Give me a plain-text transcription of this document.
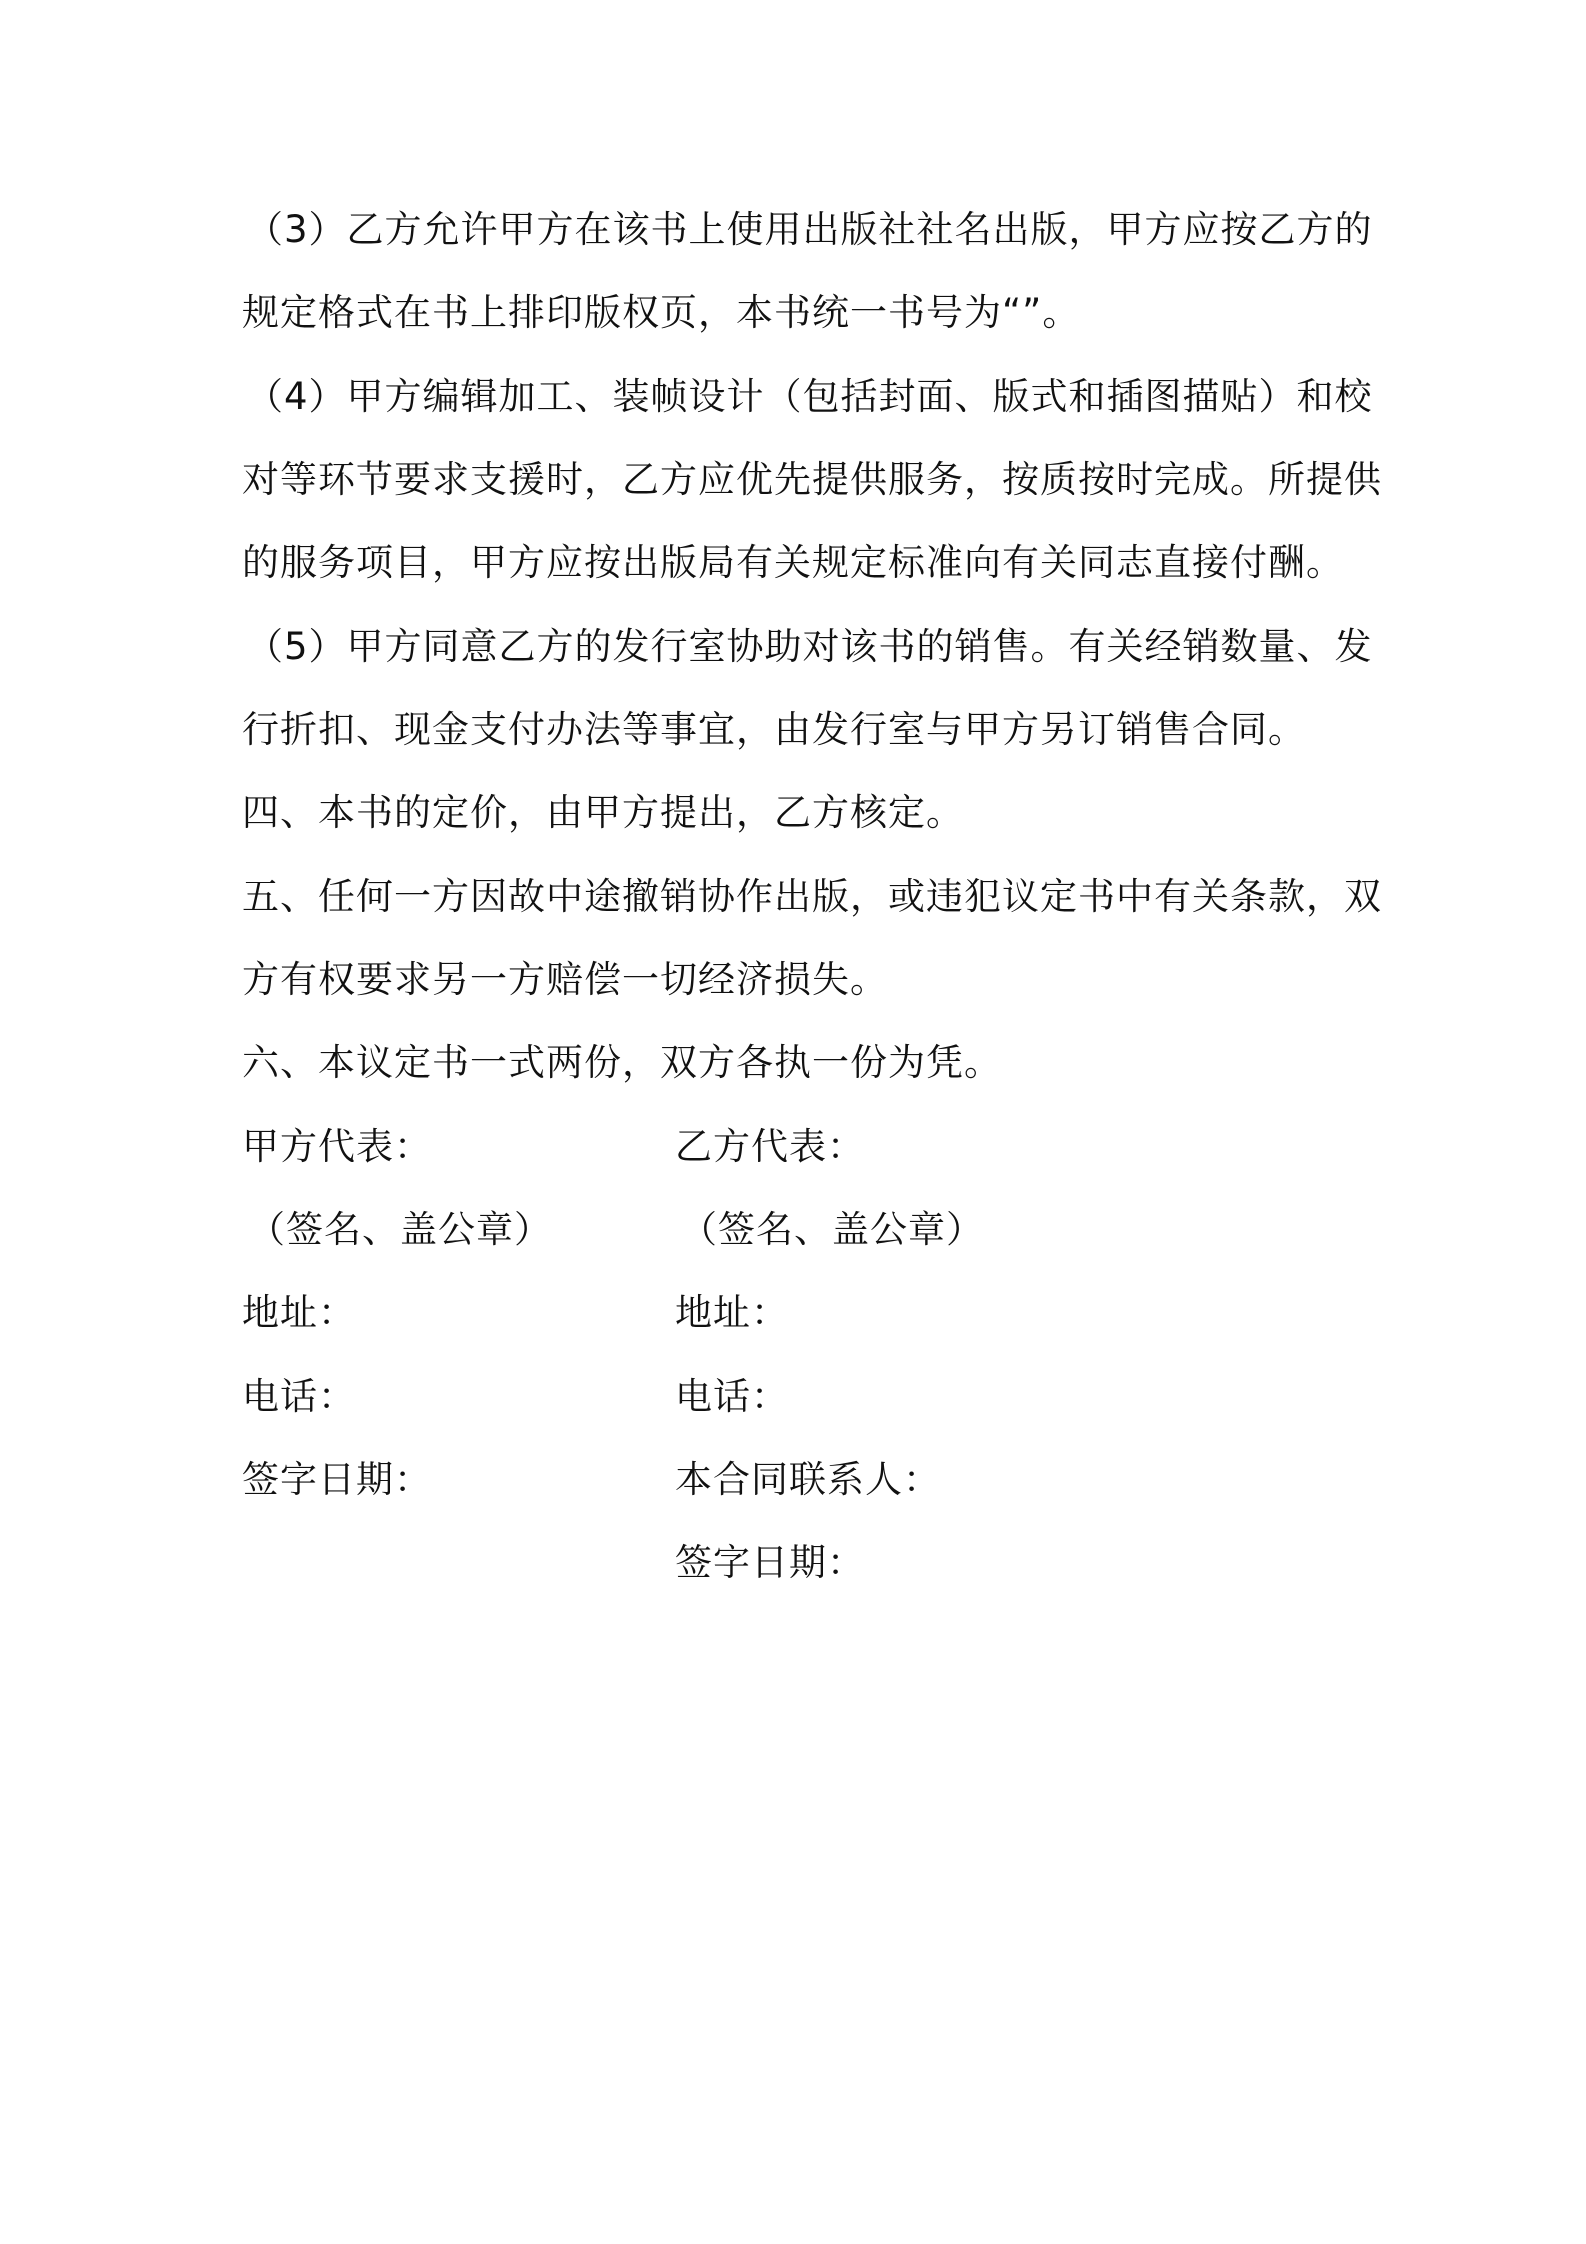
（3）乙方允许甲方在该书上使用出版社社名出版，甲方应按乙方的
规定格式在书上排印版权页，本书统一书号为“”。
（4）甲方编辑加工、装帧设计（包括封面、版式和插图描贴）和校
对等环节要求支援时，乙方应优先提供服务，按质按时完成。所提供
的服务项目，甲方应按出版局有关规定标准向有关同志直接付酬。
（5）甲方同意乙方的发行室协助对该书的销售。有关经销数量、发
行折扣、现金支付办法等事宜，由发行室与甲方另订销售合同。
四、本书的定价，由甲方提出，乙方核定。
五、任何一方因故中途撤销协作出版，或违犯议定书中有关条款，双
方有权要求另一方赔偿一切经济损失。
六、本议定书一式两份，双方各执一份为凭。
甲方代表：
（签名、盖公章）
地址：
电话：
签字日期：
乙方代表：
（签名、盖公章）
地址：
电话：
本合同联系人：
签字日期：
